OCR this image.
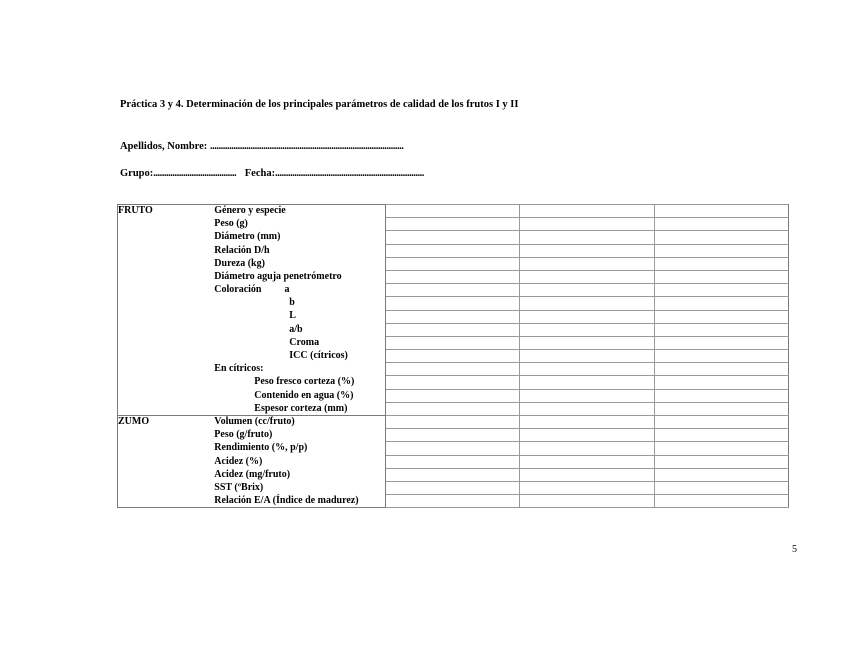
Práctica 3 y 4. Determinación de los principales parámetros de calidad de los frutos I y II
Apellidos, Nombre: ...........................................................................................
Grupo:....................................... Fecha:......................................................................
FRUTO	Género y especie			
	Peso (g)			
	Diámetro (mm)			
	Relación D/h			
	Dureza (kg)			
	Diámetro aguja penetrómetro			
	Coloración a			
	b			
	L			
	a/b			
	Croma			
	ICC (cítricos)			
	En cítricos:			
	Peso fresco corteza (%)			
	Contenido en agua (%)			
	Espesor corteza (mm)			
ZUMO	Volumen (cc/fruto)			
	Peso (g/fruto)			
	Rendimiento (%, p/p)			
	Acidez (%)			
	Acidez (mg/fruto)			
	SST (ºBrix)			
	Relación E/A (Índice de madurez)			
5
